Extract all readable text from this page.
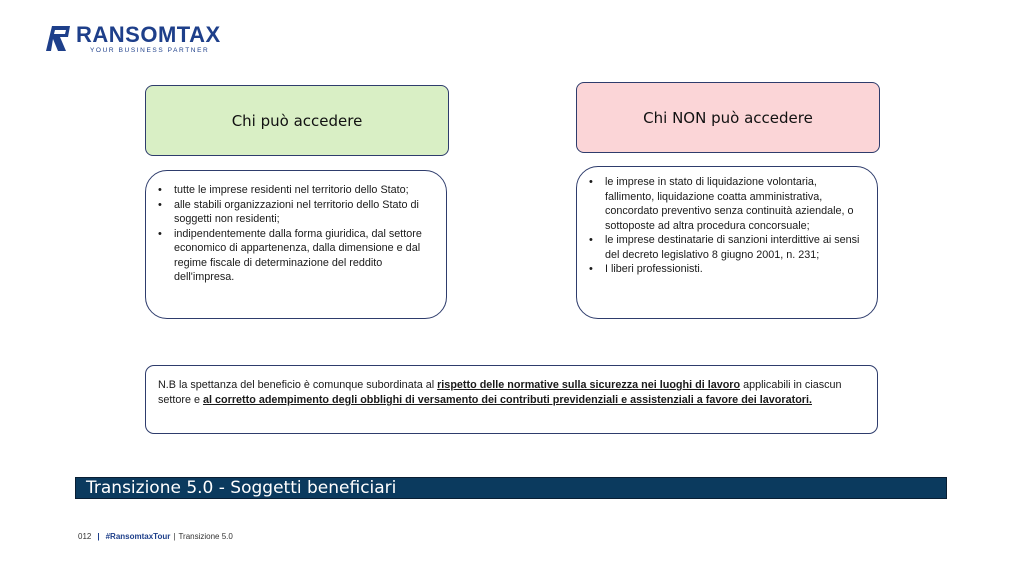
RANSOMTAX
YOUR BUSINESS PARTNER
Chi può accedere	Chi NON può accedere
• tutte le imprese residenti nel territorio dello Stato;
• alle stabili organizzazioni nel territorio dello Stato di soggetti non residenti;
• indipendentemente dalla forma giuridica, dal settore economico di appartenenza, dalla dimensione e dal regime fiscale di determinazione del reddito dell'impresa.
• le imprese in stato di liquidazione volontaria, fallimento, liquidazione coatta amministrativa, concordato preventivo senza continuità aziendale, o sottoposte ad altra procedura concorsuale;
• le imprese destinatarie di sanzioni interdittive ai sensi del decreto legislativo 8 giugno 2001, n. 231;
• I liberi professionisti.
N.B la spettanza del beneficio è comunque subordinata al rispetto delle normative sulla sicurezza nei luoghi di lavoro applicabili in ciascun settore e al corretto adempimento degli obblighi di versamento dei contributi previdenziali e assistenziali a favore dei lavoratori.
Transizione 5.0 - Soggetti beneficiari
012 | #RansomtaxTour | Transizione 5.0
